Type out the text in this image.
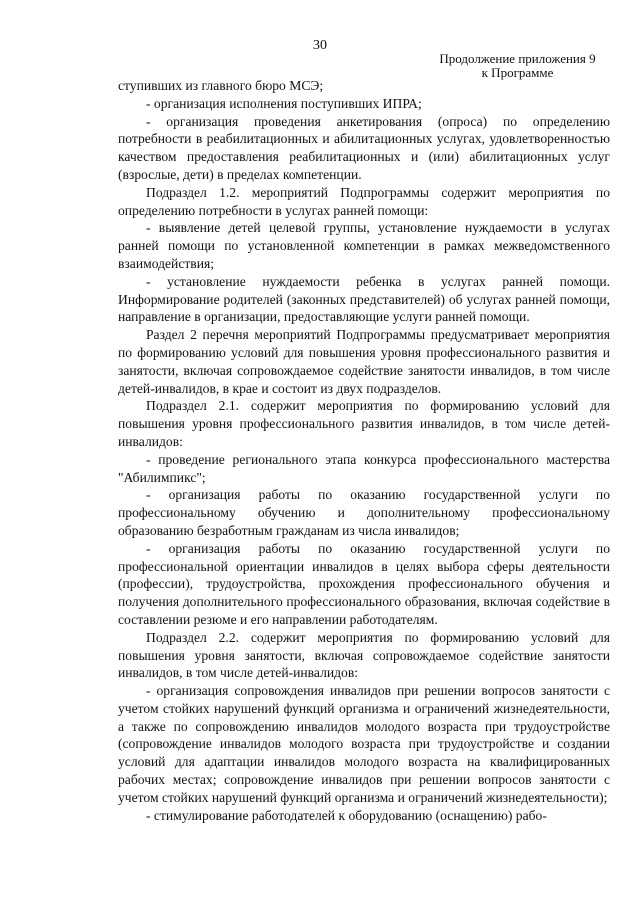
30
Продолжение приложения 9
к Программе

ступивших из главного бюро МСЭ;

- организация исполнения поступивших ИПРА;

- организация проведения анкетирования (опроса) по определению потребности в реабилитационных и абилитационных услугах, удовлетворенностью качеством предоставления реабилитационных и (или) абилитационных услуг (взрослые, дети) в пределах компетенции.

Подраздел 1.2. мероприятий Подпрограммы содержит мероприятия по определению потребности в услугах ранней помощи:

- выявление детей целевой группы, установление нуждаемости в услугах ранней помощи по установленной компетенции в рамках межведомственного взаимодействия;

- установление нуждаемости ребенка в услугах ранней помощи. Информирование родителей (законных представителей) об услугах ранней помощи, направление в организации, предоставляющие услуги ранней помощи.

Раздел 2 перечня мероприятий Подпрограммы предусматривает мероприятия по формированию условий для повышения уровня профессионального развития и занятости, включая сопровождаемое содействие занятости инвалидов, в том числе детей-инвалидов, в крае и состоит из двух подразделов.

Подраздел 2.1. содержит мероприятия по формированию условий для повышения уровня профессионального развития инвалидов, в том числе детей-инвалидов:

- проведение регионального этапа конкурса профессионального мастерства "Абилимпикс";

- организация работы по оказанию государственной услуги по профессиональному обучению и дополнительному профессиональному образованию безработным гражданам из числа инвалидов;

- организация работы по оказанию государственной услуги по профессиональной ориентации инвалидов в целях выбора сферы деятельности (профессии), трудоустройства, прохождения профессионального обучения и получения дополнительного профессионального образования, включая содействие в составлении резюме и его направлении работодателям.

Подраздел 2.2. содержит мероприятия по формированию условий для повышения уровня занятости, включая сопровождаемое содействие занятости инвалидов, в том числе детей-инвалидов:

- организация сопровождения инвалидов при решении вопросов занятости с учетом стойких нарушений функций организма и ограничений жизнедеятельности, а также по сопровождению инвалидов молодого возраста при трудоустройстве (сопровождение инвалидов молодого возраста при трудоустройстве и создании условий для адаптации инвалидов молодого возраста на квалифицированных рабочих местах; сопровождение инвалидов при решении вопросов занятости с учетом стойких нарушений функций организма и ограничений жизнедеятельности);

- стимулирование работодателей к оборудованию (оснащению) рабо-
